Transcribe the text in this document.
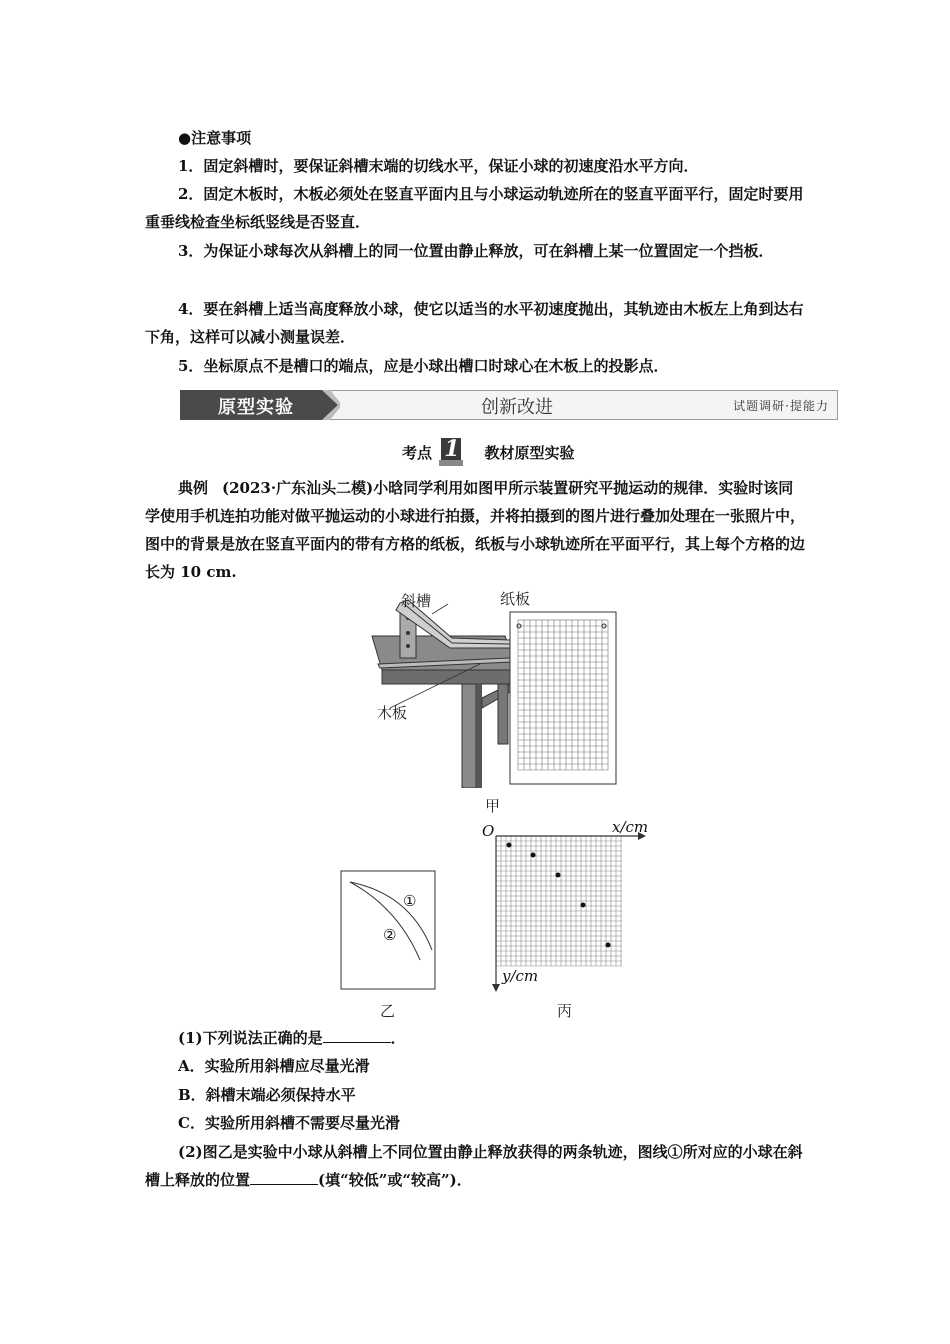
●注意事项

1．固定斜槽时，要保证斜槽末端的切线水平，保证小球的初速度沿水平方向．

2．固定木板时，木板必须处在竖直平面内且与小球运动轨迹所在的竖直平面平行，固定时要用重垂线检查坐标纸竖线是否竖直．

3．为保证小球每次从斜槽上的同一位置由静止释放，可在斜槽上某一位置固定一个挡板．

4．要在斜槽上适当高度释放小球，使它以适当的水平初速度抛出，其轨迹由木板左上角到达右下角，这样可以减小测量误差．

5．坐标原点不是槽口的端点，应是小球出槽口时球心在木板上的投影点．

创新改进	试题调研·提能力
原型实验
考点 1 教材原型实验

典例 (2023·广东汕头二模)小晗同学利用如图甲所示装置研究平抛运动的规律．实验时该同学使用手机连拍功能对做平抛运动的小球进行拍摄，并将拍摄到的图片进行叠加处理在一张照片中，图中的背景是放在竖直平面内的带有方格的纸板，纸板与小球轨迹所在平面平行，其上每个方格的边长为 10 cm.

斜槽	纸板
木板
甲
①
②
乙
O	x/cm
y/cm
丙

(1)下列说法正确的是	．

A．实验所用斜槽应尽量光滑

B．斜槽末端必须保持水平

C．实验所用斜槽不需要尽量光滑

(2)图乙是实验中小球从斜槽上不同位置由静止释放获得的两条轨迹，图线①所对应的小球在斜槽上释放的位置	(填“较低”或“较高”)．
